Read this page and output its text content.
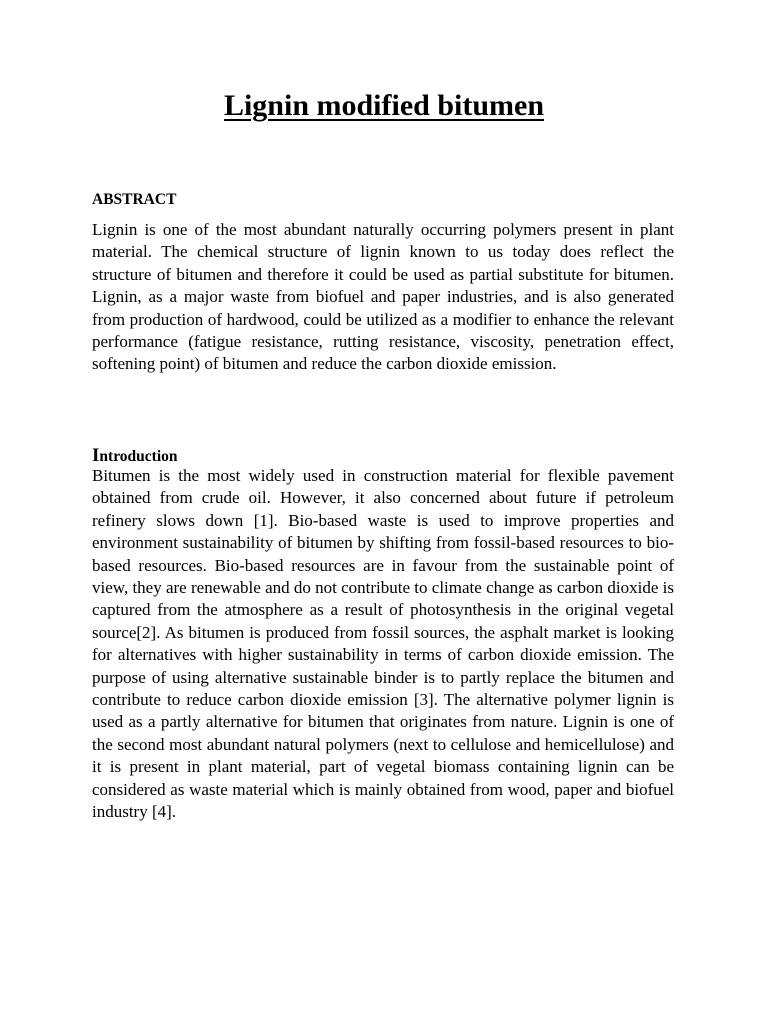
Lignin modified bitumen
ABSTRACT

Lignin is one of the most abundant naturally occurring polymers present in plant material. The chemical structure of lignin known to us today does reflect the structure of bitumen and therefore it could be used as partial substitute for bitumen. Lignin, as a major waste from biofuel and paper industries, and is also generated from production of hardwood, could be utilized as a modifier to enhance the relevant performance (fatigue resistance, rutting resistance, viscosity, penetration effect, softening point) of bitumen and reduce the carbon dioxide emission.

Introduction

Bitumen is the most widely used in construction material for flexible pavement obtained from crude oil. However, it also concerned about future if petroleum refinery slows down [1]. Bio-based waste is used to improve properties and environment sustainability of bitumen by shifting from fossil-based resources to bio-based resources. Bio-based resources are in favour from the sustainable point of view, they are renewable and do not contribute to climate change as carbon dioxide is captured from the atmosphere as a result of photosynthesis in the original vegetal source[2]. As bitumen is produced from fossil sources, the asphalt market is looking for alternatives with higher sustainability in terms of carbon dioxide emission. The purpose of using alternative sustainable binder is to partly replace the bitumen and contribute to reduce carbon dioxide emission [3]. The alternative polymer lignin is used as a partly alternative for bitumen that originates from nature. Lignin is one of the second most abundant natural polymers (next to cellulose and hemicellulose) and it is present in plant material, part of vegetal biomass containing lignin can be considered as waste material which is mainly obtained from wood, paper and biofuel industry [4].
